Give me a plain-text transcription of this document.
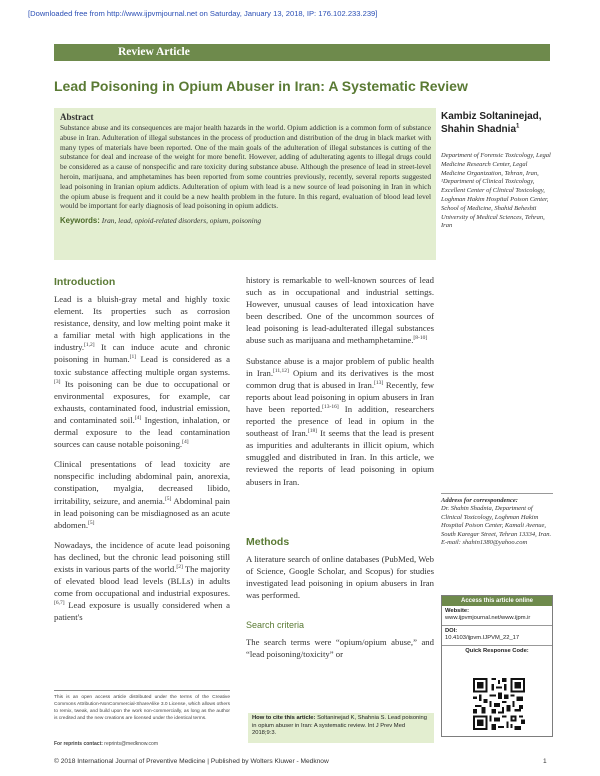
[Downloaded free from http://www.ijpvmjournal.net on Saturday, January 13, 2018, IP: 176.102.233.239]
Review Article
Lead Poisoning in Opium Abuser in Iran: A Systematic Review
Abstract
Substance abuse and its consequences are major health hazards in the world. Opium addiction is a common form of substance abuse in Iran. Adulteration of illegal substances in the process of production and distribution of the drug in black market with many types of materials have been reported. One of the main goals of the adulteration of illegal substances is cutting of the substance for deal and increase of the weight for more benefit. However, adding of adulterating agents to illegal drugs could be considered as a cause of nonspecific and rare toxicity during substance abuse. Although the presence of lead in street-level heroin, marijuana, and amphetamines has been reported from some countries previously, recently, several reports suggested lead poisoning in Iranian opium addicts. Adulteration of opium with lead is a new source of lead poisoning in Iran in which the opium abuse is frequent and it could be a new health problem in the future. In this regard, evaluation of blood lead level would be important for early diagnosis of lead poisoning in opium addicts.
Keywords: Iran, lead, opioid-related disorders, opium, poisoning
Kambiz Soltaninejad,
Shahin Shadnia$^1$
Department of Forensic Toxicology, Legal Medicine Research Center, Legal Medicine Organization, Tehran, Iran, ¹Department of Clinical Toxicology, Excellent Center of Clinical Toxicology, Loghman Hakim Hospital Poison Center, School of Medicine, Shahid Beheshti University of Medical Sciences, Tehran, Iran
Introduction

Lead is a bluish-gray metal and highly toxic element. Its properties such as corrosion resistance, density, and low melting point make it a familiar metal with high applications in the industry.[1,2] It can induce acute and chronic poisoning in human.[1] Lead is considered as a toxic substance affecting multiple organ systems.[3] Its poisoning can be due to occupational or environmental exposures, for example, car exhausts, contaminated food, industrial emission, and contaminated soil.[4] Ingestion, inhalation, or dermal exposure to the lead contamination sources can cause notable poisoning.[4]

Clinical presentations of lead toxicity are nonspecific including abdominal pain, anorexia, constipation, myalgia, decreased libido, irritability, seizure, and anemia.[5] Abdominal pain in lead poisoning can be misdiagnosed as an acute abdomen.[5]

Nowadays, the incidence of acute lead poisoning has declined, but the chronic lead poisoning still exists in various parts of the world.[2] The majority of elevated blood lead levels (BLLs) in adults come from occupational and industrial exposures.[6,7] Lead exposure is usually considered when a patient's

history is remarkable to well-known sources of lead such as in occupational and industrial settings. However, unusual causes of lead intoxication have been described. One of the uncommon sources of lead poisoning is lead-adulterated illegal substances abuse such as marijuana and methamphetamine.[8-10]

Substance abuse is a major problem of public health in Iran.[11,12] Opium and its derivatives is the most common drug that is abused in Iran.[13] Recently, few reports about lead poisoning in opium abusers in Iran have been reported.[13-16] In addition, researchers reported the presence of lead in opium in the southeast of Iran.[18] It seems that the lead is present as impurities and adulterants in illicit opium, which smuggled and distributed in Iran. In this article, we reviewed the reports of lead poisoning in opium abusers in Iran.

Methods
A literature search of online databases (PubMed, Web of Science, Google Scholar, and Scopus) for studies investigated lead poisoning in opium abusers in Iran was performed.
Search criteria
The search terms were “opium/opium abuse,” and “lead poisoning/toxicity” or
This is an open access article distributed under the terms of the Creative Commons Attribution-NonCommercial-ShareAlike 3.0 License, which allows others to remix, tweak, and build upon the work non-commercially, as long as the author is credited and the new creations are licensed under the identical terms.
For reprints contact: reprints@medknow.com
Address for correspondence:
Dr. Shahin Shadnia, Department of Clinical Toxicology, Loghman Hakim Hospital Poison Center, Kamali Avenue, South Karegar Street, Tehran 13334, Iran. E-mail: shahin1380@yahoo.com
Access this article online
Website:
www.ijpvmjournal.net/www.ijpm.ir
DOI:
10.4103/ijpvm.IJPVM_22_17
Quick Response Code:
How to cite this article: Soltaninejad K, Shahnia S. Lead poisoning in opium abuser in Iran: A systematic review. Int J Prev Med 2018;9:3.
© 2018 International Journal of Preventive Medicine | Published by Wolters Kluwer - Medknow	1
